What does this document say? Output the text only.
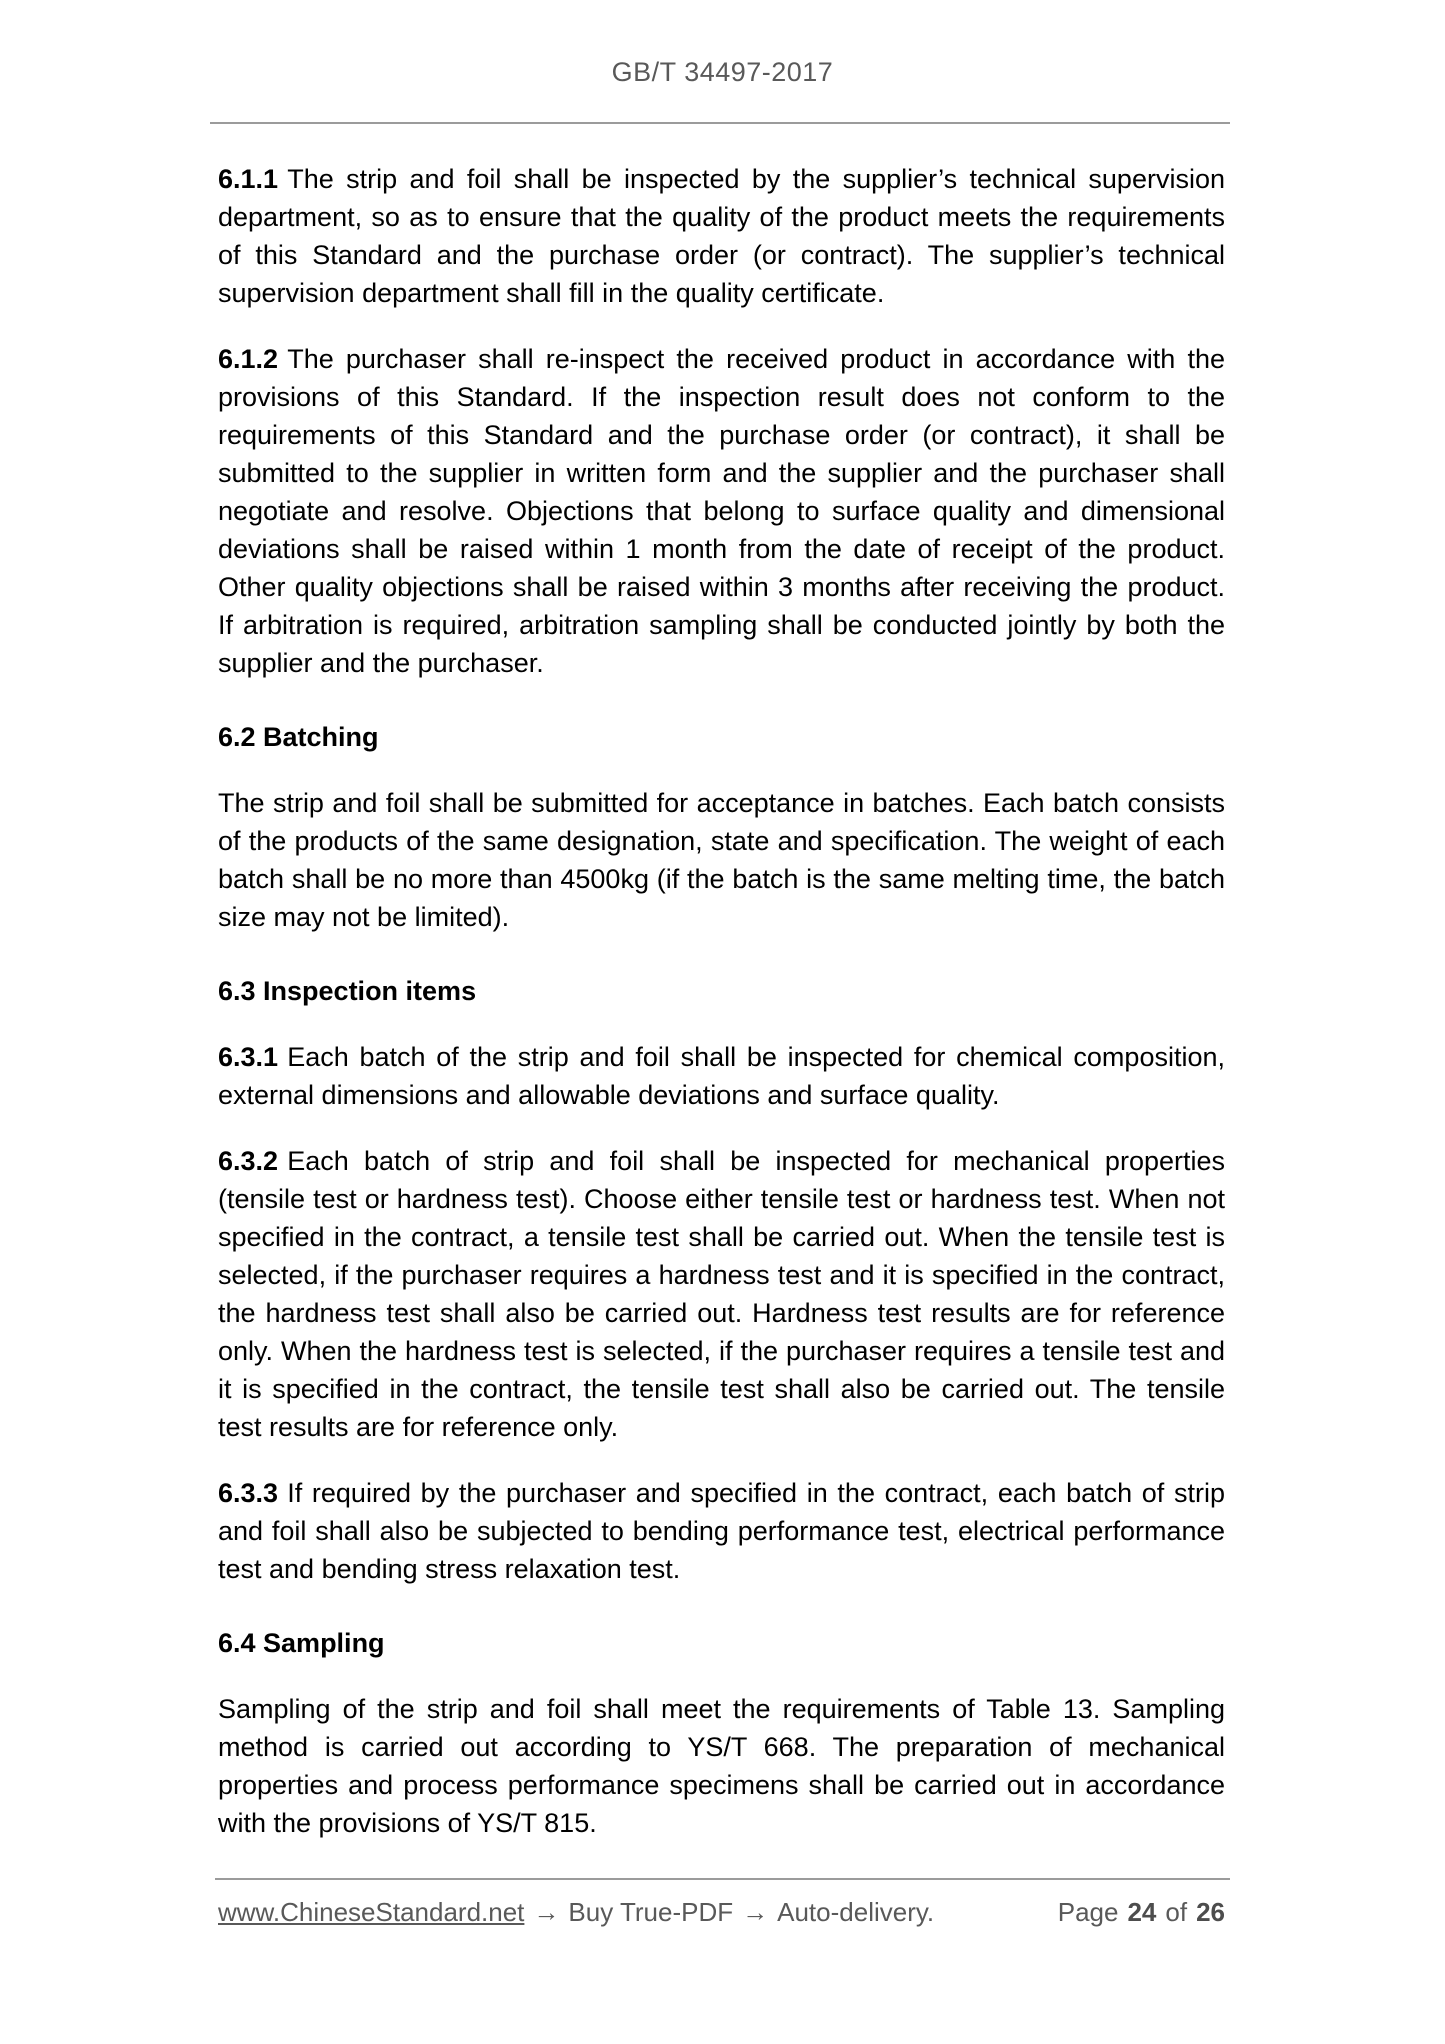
GB/T 34497-2017

6.1.1 The strip and foil shall be inspected by the supplier’s technical supervision department, so as to ensure that the quality of the product meets the requirements of this Standard and the purchase order (or contract). The supplier’s technical supervision department shall fill in the quality certificate.

6.1.2 The purchaser shall re-inspect the received product in accordance with the provisions of this Standard. If the inspection result does not conform to the requirements of this Standard and the purchase order (or contract), it shall be submitted to the supplier in written form and the supplier and the purchaser shall negotiate and resolve. Objections that belong to surface quality and dimensional deviations shall be raised within 1 month from the date of receipt of the product. Other quality objections shall be raised within 3 months after receiving the product. If arbitration is required, arbitration sampling shall be conducted jointly by both the supplier and the purchaser.

6.2 Batching

The strip and foil shall be submitted for acceptance in batches. Each batch consists of the products of the same designation, state and specification. The weight of each batch shall be no more than 4500kg (if the batch is the same melting time, the batch size may not be limited).

6.3 Inspection items

6.3.1 Each batch of the strip and foil shall be inspected for chemical composition, external dimensions and allowable deviations and surface quality.

6.3.2 Each batch of strip and foil shall be inspected for mechanical properties (tensile test or hardness test). Choose either tensile test or hardness test. When not specified in the contract, a tensile test shall be carried out. When the tensile test is selected, if the purchaser requires a hardness test and it is specified in the contract, the hardness test shall also be carried out. Hardness test results are for reference only. When the hardness test is selected, if the purchaser requires a tensile test and it is specified in the contract, the tensile test shall also be carried out. The tensile test results are for reference only.

6.3.3 If required by the purchaser and specified in the contract, each batch of strip and foil shall also be subjected to bending performance test, electrical performance test and bending stress relaxation test.

6.4 Sampling

Sampling of the strip and foil shall meet the requirements of Table 13. Sampling method is carried out according to YS/T 668. The preparation of mechanical properties and process performance specimens shall be carried out in accordance with the provisions of YS/T 815.

www.ChineseStandard.net → Buy True-PDF → Auto-delivery.	Page 24 of 26
